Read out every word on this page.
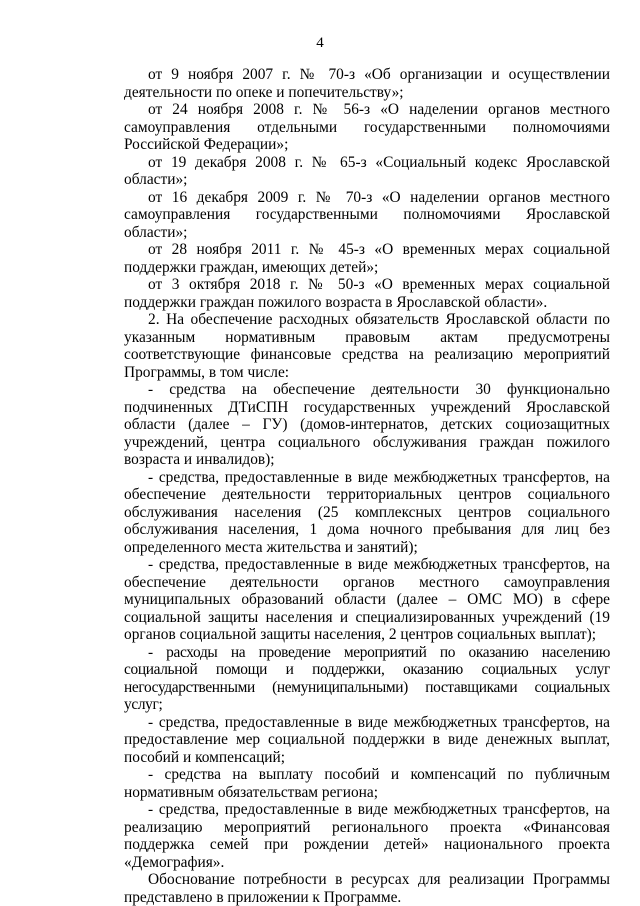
4

от 9 ноября 2007 г. № 70-з «Об организации и осуществлении деятельности по опеке и попечительству»;

от 24 ноября 2008 г. № 56-з «О наделении органов местного самоуправления отдельными государственными полномочиями Российской Федерации»;

от 19 декабря 2008 г. № 65-з «Социальный кодекс Ярославской области»;

от 16 декабря 2009 г. № 70-з «О наделении органов местного самоуправления государственными полномочиями Ярославской области»;

от 28 ноября 2011 г. № 45-з «О временных мерах социальной поддержки граждан, имеющих детей»;

от 3 октября 2018 г. № 50-з «О временных мерах социальной поддержки граждан пожилого возраста в Ярославской области».

2. На обеспечение расходных обязательств Ярославской области по указанным нормативным правовым актам предусмотрены соответствующие финансовые средства на реализацию мероприятий Программы, в том числе:

- средства на обеспечение деятельности 30 функционально подчиненных ДТиСПН государственных учреждений Ярославской области (далее – ГУ) (домов-интернатов, детских социозащитных учреждений, центра социального обслуживания граждан пожилого возраста и инвалидов);

- средства, предоставленные в виде межбюджетных трансфертов, на обеспечение деятельности территориальных центров социального обслуживания населения (25 комплексных центров социального обслуживания населения, 1 дома ночного пребывания для лиц без определенного места жительства и занятий);

- средства, предоставленные в виде межбюджетных трансфертов, на обеспечение деятельности органов местного самоуправления муниципальных образований области (далее – ОМС МО) в сфере социальной защиты населения и специализированных учреждений (19 органов социальной защиты населения, 2 центров социальных выплат);

- расходы на проведение мероприятий по оказанию населению социальной помощи и поддержки, оказанию социальных услуг негосударственными (немуниципальными) поставщиками социальных услуг;

- средства, предоставленные в виде межбюджетных трансфертов, на предоставление мер социальной поддержки в виде денежных выплат, пособий и компенсаций;

- средства на выплату пособий и компенсаций по публичным нормативным обязательствам региона;

- средства, предоставленные в виде межбюджетных трансфертов, на реализацию мероприятий регионального проекта «Финансовая поддержка семей при рождении детей» национального проекта «Демография».

Обоснование потребности в ресурсах для реализации Программы представлено в приложении к Программе.
